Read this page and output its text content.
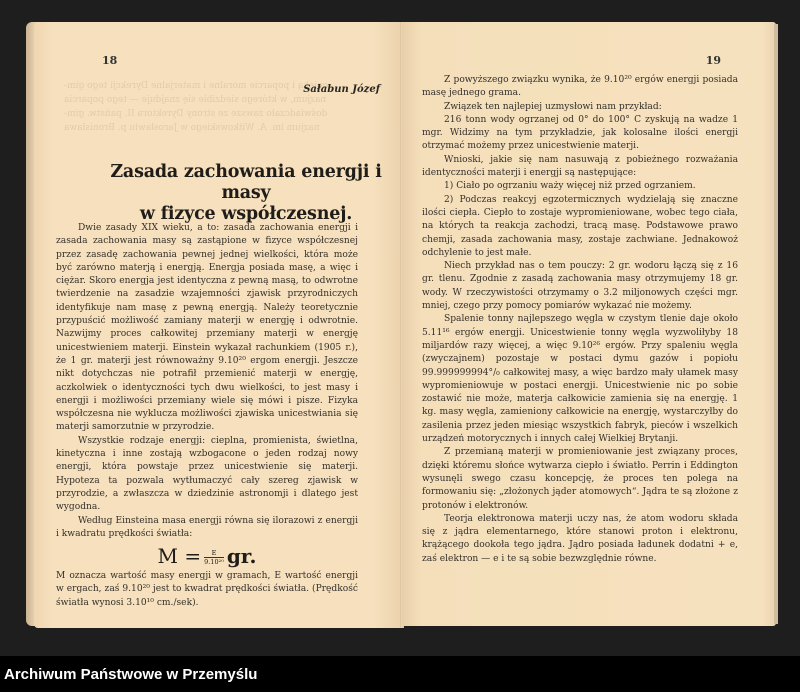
opieką i poparcie moralne i materjalne Dyrekcji tego gim-
nazjum, w którego siedzibie się znajduje — tego poparcia
doświadczało zawsze ze strony Dyrektora II. państw. gim-
nazjum im. A. Witkowskiego w Jarosławiu p. Bronisława
18
Sałabun Józef
Zasada zachowania energji i masy
w fizyce współczesnej.

Dwie zasady XIX wieku, a to: zasada zachowania energji i zasada zachowania masy są zastąpione w fizyce współczesnej przez zasadę zachowania pewnej jednej wielkości, która może być zarówno materją i energją. Energja posiada masę, a więc i ciężar. Skoro energja jest identyczna z pewną masą, to odwrotne twierdzenie na zasadzie wzajemności zjawisk przyrodniczych identyfikuje nam masę z pewną energją. Należy teoretycznie przypuścić możliwość zamiany materji w energję i odwrotnie. Nazwijmy proces całkowitej przemiany materji w energję unicestwieniem materji. Einstein wykazał rachunkiem (1905 r.), że 1 gr. materji jest równoważny 9.10²⁰ ergom energji. Jeszcze nikt dotychczas nie potrafił przemienić materji w energję, aczkolwiek o identyczności tych dwu wielkości, to jest masy i energji i możliwości przemiany wiele się mówi i pisze. Fizyka współczesna nie wyklucza możliwości zjawiska unicestwiania się materji samorzutnie w przyrodzie.

Wszystkie rodzaje energji: cieplna, promienista, świetlna, kinetyczna i inne zostają wzbogacone o jeden rodzaj nowy energji, która powstaje przez unicestwienie się materji. Hypoteza ta pozwala wytłumaczyć cały szereg zjawisk w przyrodzie, a zwłaszcza w dziedzinie astronomji i dlatego jest wygodna.

Według Einsteina masa energji równa się ilorazowi z energji i kwadratu prędkości światła:

$M = \frac{E}{\text{9.10²⁰}}$ gr.

M oznacza wartość masy energji w gramach, E wartość energji w ergach, zaś 9.10²⁰ jest to kwadrat prędkości światła. (Prędkość światła wynosi 3.10¹⁰ cm./sek).

19

Z powyższego związku wynika, że 9.10²⁰ ergów energji posiada masę jednego grama.

Związek ten najlepiej uzmysłowi nam przykład:

216 tonn wody ogrzanej od 0° do 100° C zyskują na wadze 1 mgr. Widzimy na tym przykładzie, jak kolosalne ilości energji otrzymać możemy przez unicestwienie materji.

Wnioski, jakie się nam nasuwają z pobieżnego rozważania identyczności materji i energji są następujące:

1) Ciało po ogrzaniu waży więcej niż przed ogrzaniem.

2) Podczas reakcyj egzotermicznych wydzielają się znaczne ilości ciepła. Ciepło to zostaje wypromieniowane, wobec tego ciała, na których ta reakcja zachodzi, tracą masę. Podstawowe prawo chemji, zasada zachowania masy, zostaje zachwiane. Jednakowoż odchylenie to jest małe.

Niech przykład nas o tem pouczy: 2 gr. wodoru łączą się z 16 gr. tlenu. Zgodnie z zasadą zachowania masy otrzymujemy 18 gr. wody. W rzeczywistości otrzymamy o 3.2 miljonowych części mgr. mniej, czego przy pomocy pomiarów wykazać nie możemy.

Spalenie tonny najlepszego węgla w czystym tlenie daje około 5.11¹⁶ ergów energji. Unicestwienie tonny węgla wyzwoliłyby 18 miljardów razy więcej, a więc 9.10²⁶ ergów. Przy spaleniu węgla (zwyczajnem) pozostaje w postaci dymu gazów i popiołu 99.999999994°/₀ całkowitej masy, a więc bardzo mały ułamek masy wypromieniowuje w postaci energji. Unicestwienie nic po sobie zostawić nie może, materja całkowicie zamienia się na energję. 1 kg. masy węgla, zamieniony całkowicie na energję, wystarczyłby do zasilenia przez jeden miesiąc wszystkich fabryk, pieców i wszelkich urządzeń motorycznych i innych całej Wielkiej Brytanji.

Z przemianą materji w promieniowanie jest związany proces, dzięki któremu słońce wytwarza ciepło i światło. Perrin i Eddington wysunęli swego czasu koncepcję, że proces ten polega na formowaniu się: „złożonych jąder atomowych“. Jądra te są złożone z protonów i elektronów.

Teorja elektronowa materji uczy nas, że atom wodoru składa się z jądra elementarnego, które stanowi proton i elektronu, krążącego dookoła tego jądra. Jądro posiada ładunek dodatni + e, zaś elektron — e i te są sobie bezwzględnie równe.

Archiwum Państwowe w Przemyślu
